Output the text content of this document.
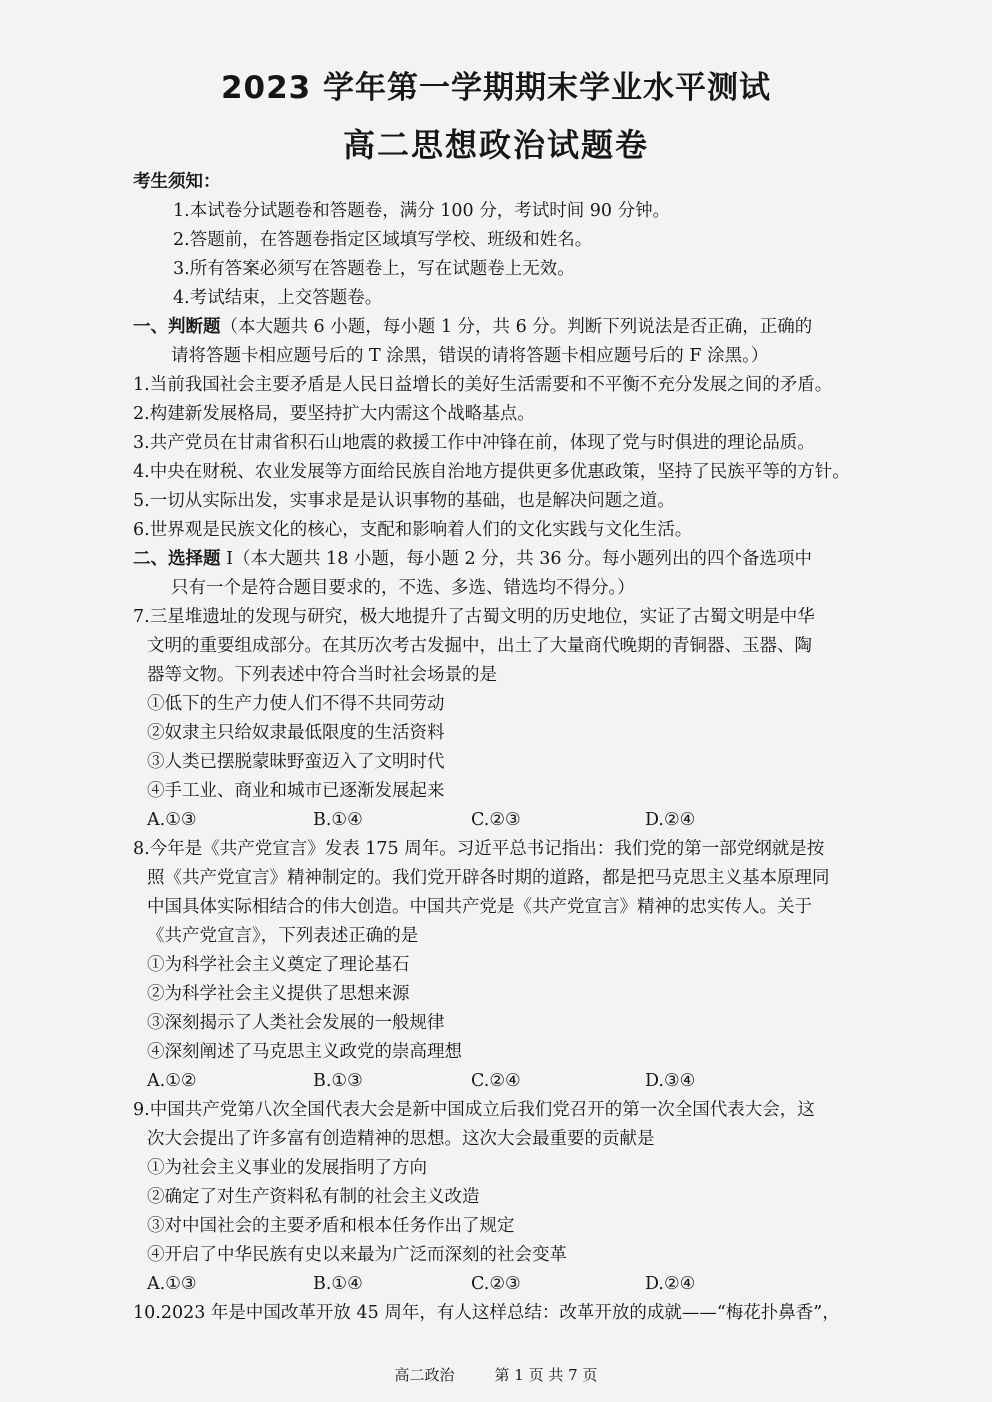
2023 学年第一学期期末学业水平测试
高二思想政治试题卷
考生须知：
1.本试卷分试题卷和答题卷，满分 100 分，考试时间 90 分钟。
2.答题前，在答题卷指定区域填写学校、班级和姓名。
3.所有答案必须写在答题卷上，写在试题卷上无效。
4.考试结束，上交答题卷。
一、判断题（本大题共 6 小题，每小题 1 分，共 6 分。判断下列说法是否正确，正确的
请将答题卡相应题号后的 T 涂黑，错误的请将答题卡相应题号后的 F 涂黑。）
1.当前我国社会主要矛盾是人民日益增长的美好生活需要和不平衡不充分发展之间的矛盾。
2.构建新发展格局，要坚持扩大内需这个战略基点。
3.共产党员在甘肃省积石山地震的救援工作中冲锋在前，体现了党与时俱进的理论品质。
4.中央在财税、农业发展等方面给民族自治地方提供更多优惠政策，坚持了民族平等的方针。
5.一切从实际出发，实事求是是认识事物的基础，也是解决问题之道。
6.世界观是民族文化的核心，支配和影响着人们的文化实践与文化生活。
二、选择题 Ⅰ（本大题共 18 小题，每小题 2 分，共 36 分。每小题列出的四个备选项中
只有一个是符合题目要求的，不选、多选、错选均不得分。）
7.三星堆遗址的发现与研究，极大地提升了古蜀文明的历史地位，实证了古蜀文明是中华
文明的重要组成部分。在其历次考古发掘中，出土了大量商代晚期的青铜器、玉器、陶
器等文物。下列表述中符合当时社会场景的是
①低下的生产力使人们不得不共同劳动
②奴隶主只给奴隶最低限度的生活资料
③人类已摆脱蒙昧野蛮迈入了文明时代
④手工业、商业和城市已逐渐发展起来
A.①③	B.①④	C.②③	D.②④
8.今年是《共产党宣言》发表 175 周年。习近平总书记指出：我们党的第一部党纲就是按
照《共产党宣言》精神制定的。我们党开辟各时期的道路，都是把马克思主义基本原理同
中国具体实际相结合的伟大创造。中国共产党是《共产党宣言》精神的忠实传人。关于
《共产党宣言》，下列表述正确的是
①为科学社会主义奠定了理论基石
②为科学社会主义提供了思想来源
③深刻揭示了人类社会发展的一般规律
④深刻阐述了马克思主义政党的崇高理想
A.①②	B.①③	C.②④	D.③④
9.中国共产党第八次全国代表大会是新中国成立后我们党召开的第一次全国代表大会，这
次大会提出了许多富有创造精神的思想。这次大会最重要的贡献是
①为社会主义事业的发展指明了方向
②确定了对生产资料私有制的社会主义改造
③对中国社会的主要矛盾和根本任务作出了规定
④开启了中华民族有史以来最为广泛而深刻的社会变革
A.①③	B.①④	C.②③	D.②④
10.2023 年是中国改革开放 45 周年，有人这样总结：改革开放的成就——“梅花扑鼻香”，
高二政治	第 1 页 共 7 页
